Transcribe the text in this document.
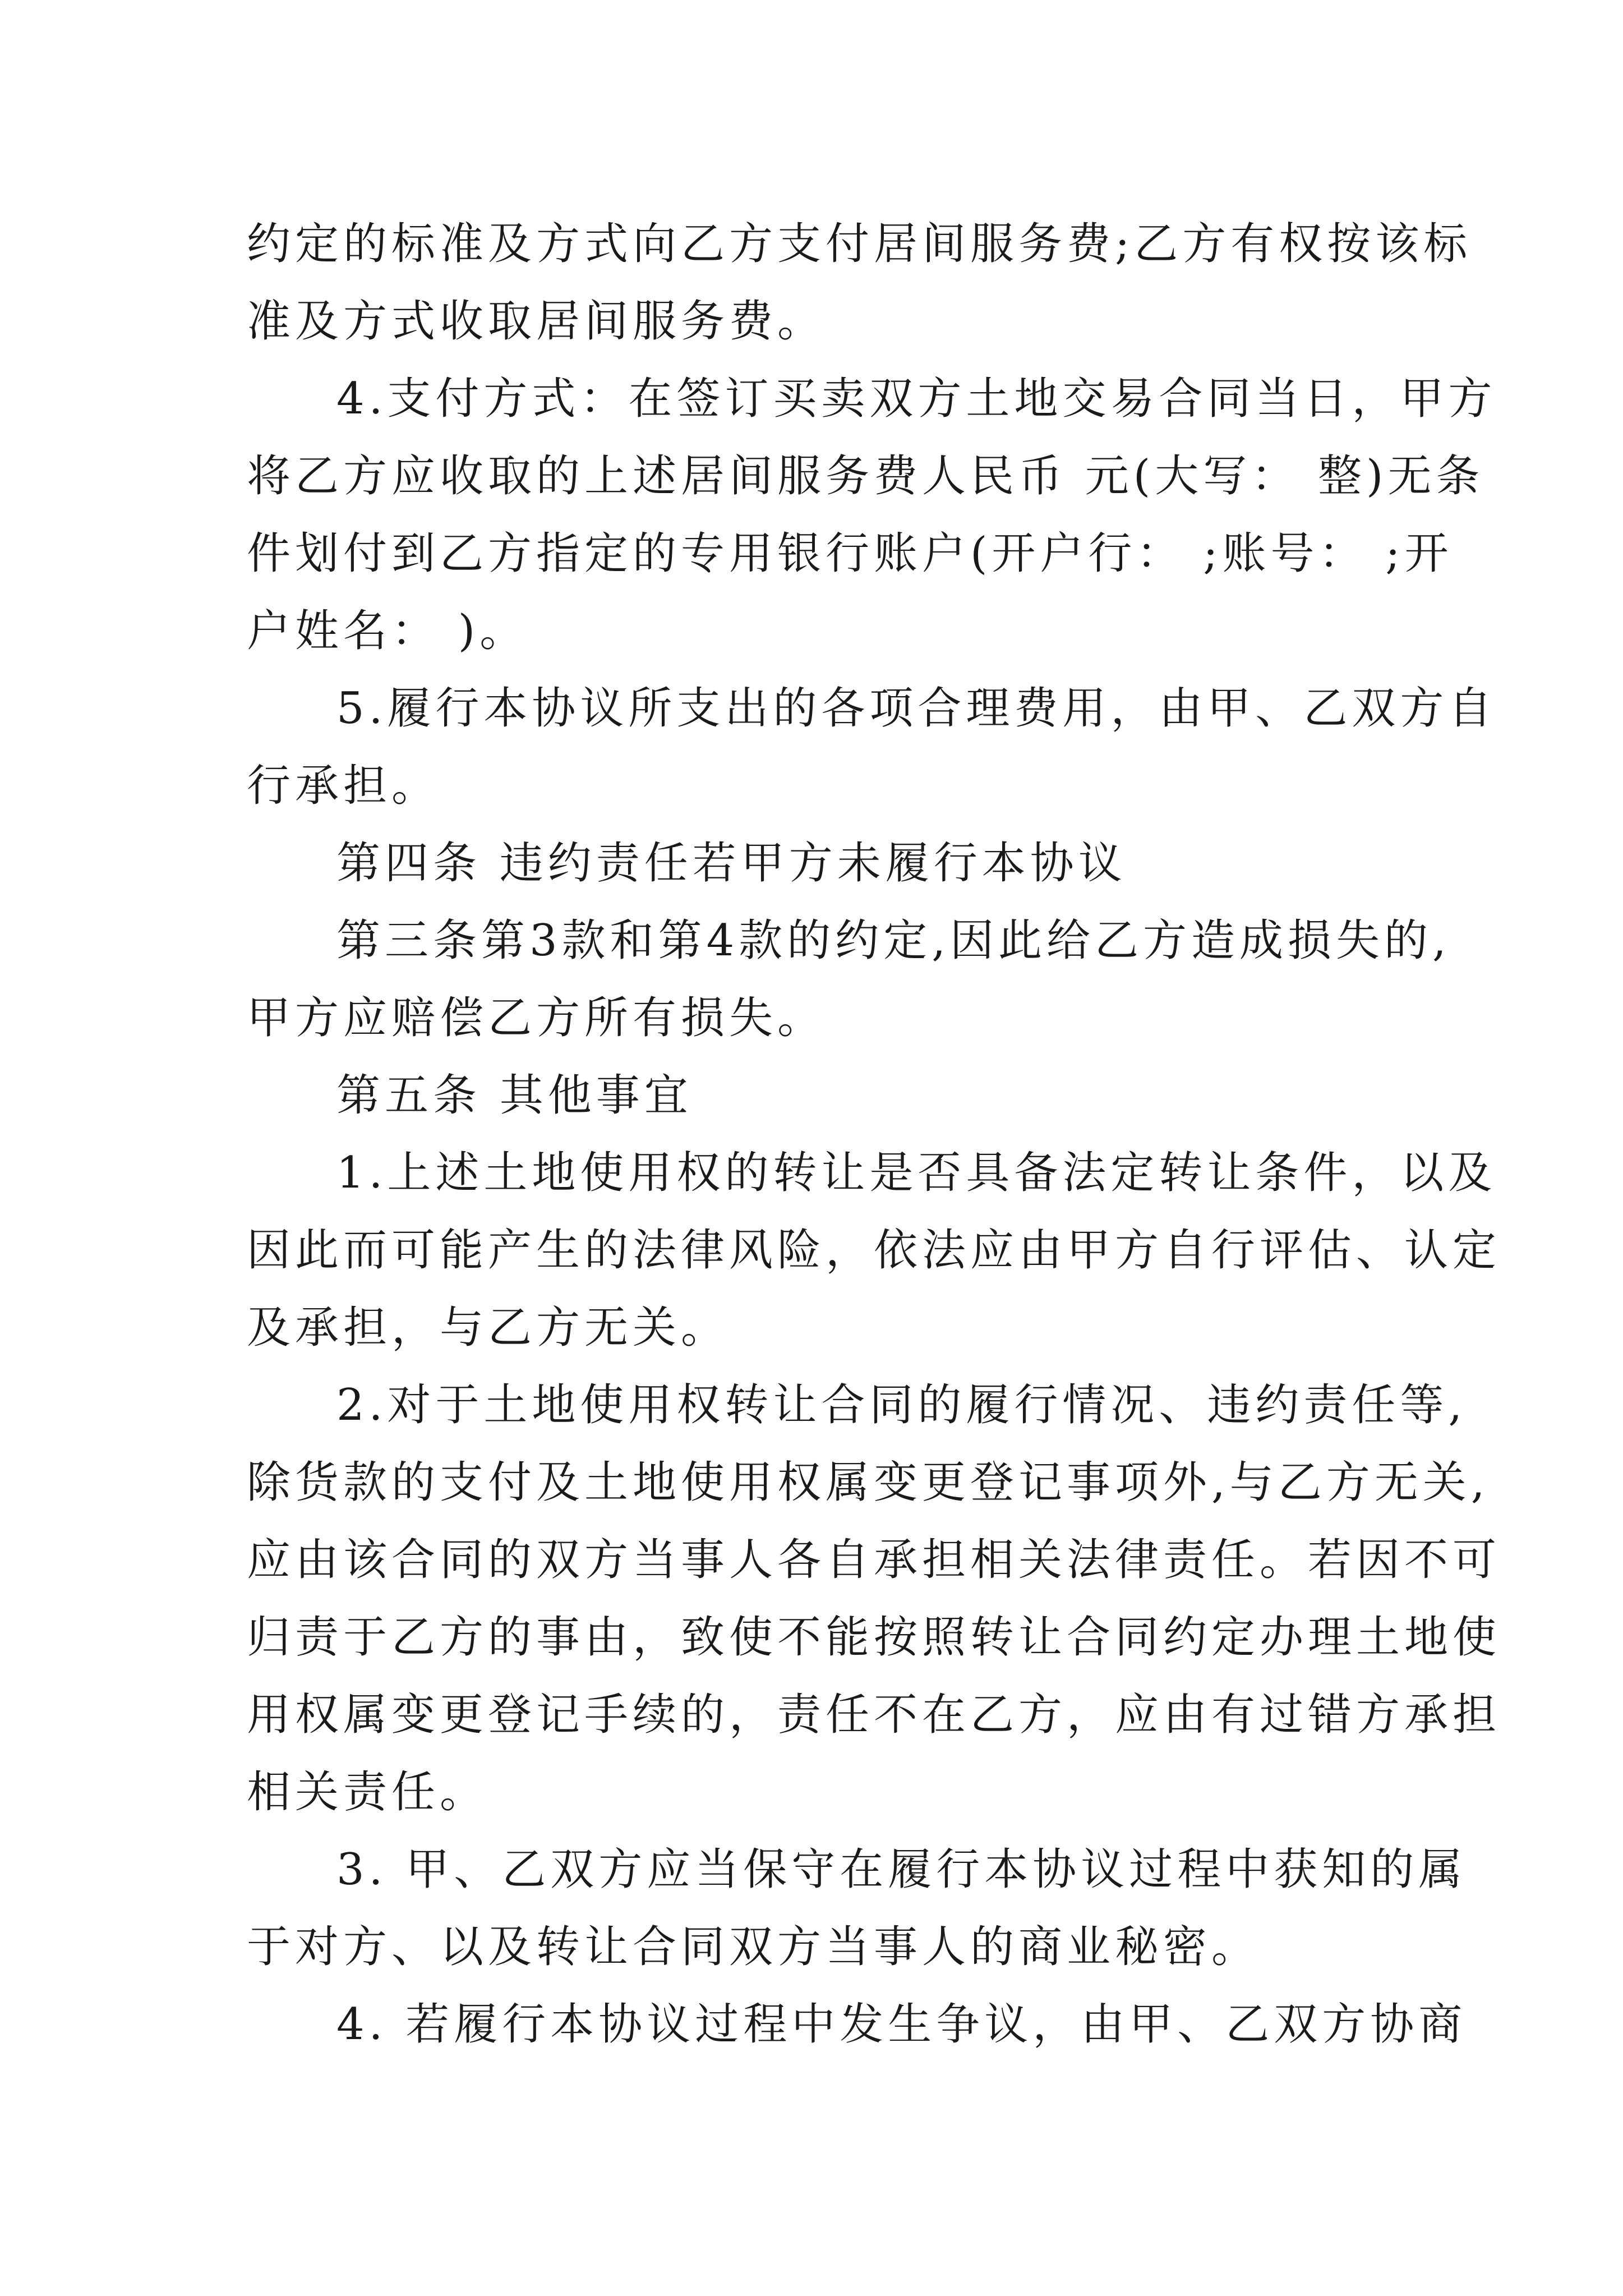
约定的标准及方式向乙方支付居间服务费;乙方有权按该标
准及方式收取居间服务费。
4.支付方式：在签订买卖双方土地交易合同当日，甲方
将乙方应收取的上述居间服务费人民币 元(大写： 整)无条
件划付到乙方指定的专用银行账户(开户行： ;账号： ;开
户姓名： )。
5.履行本协议所支出的各项合理费用，由甲、乙双方自
行承担。
第四条 违约责任若甲方未履行本协议
第三条第3款和第4款的约定,因此给乙方造成损失的,
甲方应赔偿乙方所有损失。
第五条 其他事宜
1.上述土地使用权的转让是否具备法定转让条件，以及
因此而可能产生的法律风险，依法应由甲方自行评估、认定
及承担，与乙方无关。
2.对于土地使用权转让合同的履行情况、违约责任等,
除货款的支付及土地使用权属变更登记事项外,与乙方无关,
应由该合同的双方当事人各自承担相关法律责任。若因不可
归责于乙方的事由，致使不能按照转让合同约定办理土地使
用权属变更登记手续的，责任不在乙方，应由有过错方承担
相关责任。
3. 甲、乙双方应当保守在履行本协议过程中获知的属
于对方、以及转让合同双方当事人的商业秘密。
4. 若履行本协议过程中发生争议，由甲、乙双方协商
